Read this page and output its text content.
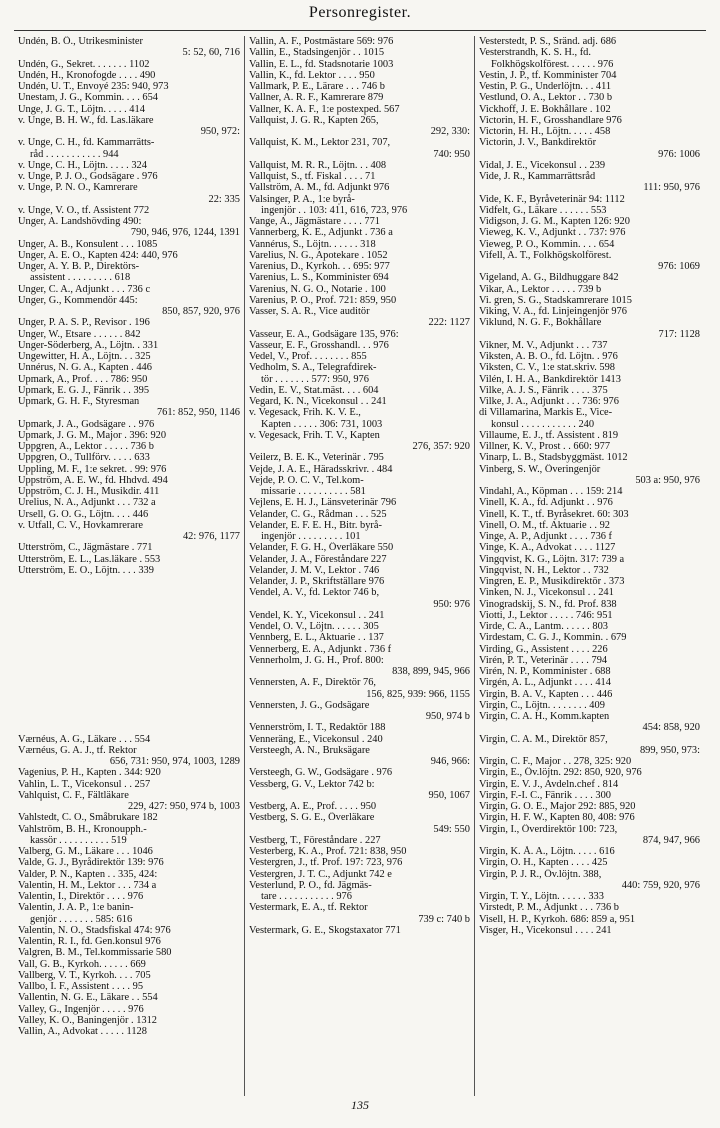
Personregister.
Undén, B. Ö., Utrikesminister
5: 52, 60, 716
Undén, G., Sekret. . . . . . . 1102
Undén, H., Kronofogde . . . . 490
Undén, U. T., Envoyé 235: 940, 973
Unestam, J. G., Kommin. . . . 654
Unge, J. G. T., Löjtn. . . . . 414
v. Unge, B. H. W., fd. Las.läkare
950, 972:
v. Unge, C. H., fd. Kammarrätts-
råd . . . . . . . . . . . 944
v. Unge, C. H., Löjtn. . . . . 324
v. Unge, P. J. O., Godsägare . 976
v. Unge, P. N. O., Kamrerare
22: 335
v. Unge, V. O., tf. Assistent 772
Unger, A. Landshövding 490:
790, 946, 976, 1244, 1391
Unger, A. B., Konsulent . . . 1085
Unger, A. E. O., Kapten 424: 440, 976
Unger, A. Y. B. P., Direktörs-
assistent . . . . . . . . . 618
Unger, C. A., Adjunkt . . . 736 c
Unger, G., Kommendör 445:
850, 857, 920, 976
Unger, P. A. S. P., Revisor . 196
Unger, W., Etsare . . . . . . 842
Unger-Söderberg, A., Löjtn. . 331
Ungewitter, H. A., Löjtn. . . 325
Unnérus, N. G. A., Kapten . 446
Upmark, A., Prof. . . . 786: 950
Upmark, E. G. J., Fänrik . . 395
Upmark, G. H. F., Styresman
761: 852, 950, 1146
Upmark, J. A., Godsägare . . 976
Upmark, J. G. M., Major . 396: 920
Uppgren, A., Lektor . . . . . 736 b
Uppgren, O., Tullförv. . . . . 633
Uppling, M. F., 1:e sekret. . 99: 976
Uppström, A. E. W., fd. Hhdvd. 494
Uppström, C. J. H., Musikdir. 411
Urelius, N. A., Adjunkt . . . 732 a
Ursell, G. O. G., Löjtn. . . . 446
v. Utfall, C. V., Hovkamrerare
42: 976, 1177
Utterström, C., Jägmästare . 771
Utterström, E. L., Las.läkare . 553
Utterström, E. O., Löjtn. . . . 339
Værnéus, A. G., Läkare . . . 554
Værnéus, G. A. J., tf. Rektor
656, 731: 950, 974, 1003, 1289
Vagenius, P. H., Kapten . 344: 920
Vahlin, L. T., Vicekonsul . . 257
Vahlquist, C. F., Fältläkare
229, 427: 950, 974 b, 1003
Vahlstedt, C. O., Småbrukare 182
Vahlström, B. H., Kronoupph.-
kassör . . . . . . . . . . 519
Valberg, G. M., Läkare . . . 1046
Valde, G. J., Byrådirektör 139: 976
Valder, P. N., Kapten . . 335, 424:
Valentin, H. M., Lektor . . . 734 a
Valentin, I., Direktör . . . . 976
Valentin, J. A. P., 1:e banin-
genjör . . . . . . . 585: 616
Valentin, N. O., Stadsfiskal 474: 976
Valentin, R. I., fd. Gen.konsul 976
Valgren, B. M., Tel.kommissarie 580
Vall, G. B., Kyrkoh. . . . . . 669
Vallberg, V. T., Kyrkoh. . . . 705
Vallbo, I. F., Assistent . . . . 95
Vallentin, N. G. E., Läkare . . 554
Valley, G., Ingenjör . . . . . 976
Valley, K. O., Baningenjör . 1312
Vallin, A., Advokat . . . . . 1128
Vallin, A. F., Postmästare 569: 976
Vallin, E., Stadsingenjör . . 1015
Vallin, E. L., fd. Stadsnotarie 1003
Vallin, K., fd. Lektor . . . . 950
Vallmark, P. E., Lärare . . . 746 b
Vallner, A. R. F., Kamrerare 879
Vallner, K. A. F., 1:e postexped. 567
Vallquist, J. G. R., Kapten 265,
292, 330:
Vallquist, K. M., Lektor 231, 707,
740: 950
Vallquist, M. R. R., Löjtn. . . 408
Vallquist, S., tf. Fiskal . . . . 71
Vallström, A. M., fd. Adjunkt 976
Valsinger, P. A., 1:e byrå-
ingenjör . . 103: 411, 616, 723, 976
Vange, A., Jägmästare . . . . 771
Vannerberg, K. E., Adjunkt . 736 a
Vannérus, S., Löjtn. . . . . . 318
Varelius, N. G., Apotekare . 1052
Varenius, D., Kyrkoh. . . 695: 977
Varenius, L. S., Komminister 694
Varenius, N. G. O., Notarie . 100
Varenius, P. O., Prof. 721: 859, 950
Vasser, S. A. R., Vice auditör
222: 1127
Vasseur, E. A., Godsägare 135, 976:
Vasseur, E. F., Grosshandl. . . 976
Vedel, V., Prof. . . . . . . . 855
Vedholm, S. A., Telegrafdirek-
tör . . . . . . . 577: 950, 976
Vedin, E. V., Stat.mäst. . . . 604
Vegard, K. N., Vicekonsul . . 241
v. Vegesack, Frih. K. V. E.,
Kapten . . . . . 306: 731, 1003
v. Vegesack, Frih. T. V., Kapten
276, 357: 920
Veilerz, B. E. K., Veterinär . 795
Vejde, J. A. E., Häradsskrivr. . 484
Vejde, P. O. C. V., Tel.kom-
missarie . . . . . . . . . . 581
Vejlens, E. H. J., Länsveterinär 796
Velander, C. G., Rådman . . . 525
Velander, E. F. E. H., Bitr. byrå-
ingenjör . . . . . . . . . 101
Velander, F. G. H., Överläkare 550
Velander, J. A., Föreståndare 227
Velander, J. M. V., Lektor . 746
Velander, J. P., Skriftställare 976
Vendel, A. V., fd. Lektor 746 b,
950: 976
Vendel, K. Y., Vicekonsul . . 241
Vendel, O. V., Löjtn. . . . . . 305
Vennberg, E. L., Aktuarie . . 137
Vennerberg, E. A., Adjunkt . 736 f
Vennerholm, J. G. H., Prof. 800:
838, 899, 945, 966
Vennersten, A. F., Direktör 76,
156, 825, 939: 966, 1155
Vennersten, J. G., Godsägare
950, 974 b
Vennerström, I. T., Redaktör 188
Venneräng, E., Vicekonsul . 240
Versteegh, A. N., Bruksägare
946, 966:
Versteegh, G. W., Godsägare . 976
Vessberg, G. V., Lektor 742 b:
950, 1067
Vestberg, A. E., Prof. . . . . 950
Vestberg, S. G. E., Överläkare
549: 550
Vestberg, T., Föreståndare . 227
Vesterberg, K. A., Prof. 721: 838, 950
Vestergren, J., tf. Prof. 197: 723, 976
Vestergren, J. T. C., Adjunkt 742 e
Vesterlund, P. O., fd. Jägmäs-
tare . . . . . . . . . . . 976
Vestermark, E. A., tf. Rektor
739 c: 740 b
Vestermark, G. E., Skogstaxator 771
Vesterstedt, P. S., Sränd. adj. 686
Vesterstrandh, K. S. H., fd.
Folkhögskolförest. . . . . . 976
Vestin, J. P., tf. Komminister 704
Vestin, P. G., Underlöjtn. . . 411
Vestlund, O. A., Lektor . . 730 b
Vickhoff, J. E. Bokhållare . 102
Victorin, H. F., Grosshandlare 976
Victorin, H. H., Löjtn. . . . . 458
Victorin, J. V., Bankdirektör
976: 1006
Vidal, J. E., Vicekonsul . . 239
Vide, J. R., Kammarrättsråd
111: 950, 976
Vide, K. F., Byråveterinär 94: 1112
Vidfelt, G., Läkare . . . . . . 553
Vidigson, J. G. M., Kapten 126: 920
Vieweg, K. V., Adjunkt . . 737: 976
Vieweg, P. O., Kommin. . . . 654
Vifell, A. T., Folkhögskolförest.
976: 1069
Vigeland, A. G., Bildhuggare 842
Vikar, A., Lektor . . . . . 739 b
Vi. gren, S. G., Stadskamrerare 1015
Viking, V. A., fd. Linjeingenjör 976
Viklund, N. G. F., Bokhållare
717: 1128
Vikner, M. V., Adjunkt . . . 737
Viksten, A. B. O., fd. Löjtn. . 976
Viksten, C. V., 1:e stat.skriv. 598
Vilén, I. H. A., Bankdirektör 1413
Vilke, A. J. S., Fänrik . . . . 375
Vilke, J. A., Adjunkt . . . 736: 976
di Villamarina, Markis E., Vice-
konsul . . . . . . . . . . . 240
Villaume, E. J., tf. Assistent . 819
Villner, K. V., Prost . . 660: 977
Vinarp, L. B., Stadsbyggmäst. 1012
Vinberg, S. W., Överingenjör
503 a: 950, 976
Vindahl, A., Köpman . . . 159: 214
Vinell, K. A., fd. Adjunkt . . 976
Vinell, K. T., tf. Byråsekret. 60: 303
Vinell, O. M., tf. Aktuarie . . 92
Vinge, A. P., Adjunkt . . . . 736 f
Vinge, K. A., Advokat . . . . 1127
Vingqvist, K. G., Löjtn. 317: 739 a
Vingqvist, N. H., Lektor . . 732
Vingren, E. P., Musikdirektör . 373
Vinken, N. J., Vicekonsul . . 241
Vinogradskij, S. N., fd. Prof. 838
Viotti, J., Lektor . . . . . 746: 951
Virde, C. A., Lantm. . . . . . 803
Virdestam, C. G. J., Kommin. . 679
Virding, G., Assistent . . . . 226
Virén, P. T., Veterinär . . . . 794
Virén, N. P., Komminister . 688
Virgén, A. L., Adjunkt . . . . 414
Virgin, B. A. V., Kapten . . . 446
Virgin, C., Löjtn. . . . . . . . 409
Virgin, C. A. H., Komm.kapten
454: 858, 920
Virgin, C. A. M., Direktör 857,
899, 950, 973:
Virgin, C. F., Major . . 278, 325: 920
Virgin, E., Öv.löjtn. 292: 850, 920, 976
Virgin, E. V. J., Avdeln.chef . 814
Virgin, F.-I. C., Fänrik . . . . 300
Virgin, G. O. E., Major 292: 885, 920
Virgin, H. F. W., Kapten 80, 408: 976
Virgin, I., Överdirektör 100: 723,
874, 947, 966
Virgin, K. Å. A., Löjtn. . . . . 616
Virgin, O. H., Kapten . . . . 425
Virgin, P. J. R., Öv.löjtn. 388,
440: 759, 920, 976
Virgin, T. Y., Löjtn. . . . . . 333
Virstedt, P. M., Adjunkt . . . 736 b
Visell, H. P., Kyrkoh. 686: 859 a, 951
Visger, H., Vicekonsul . . . . 241
135
